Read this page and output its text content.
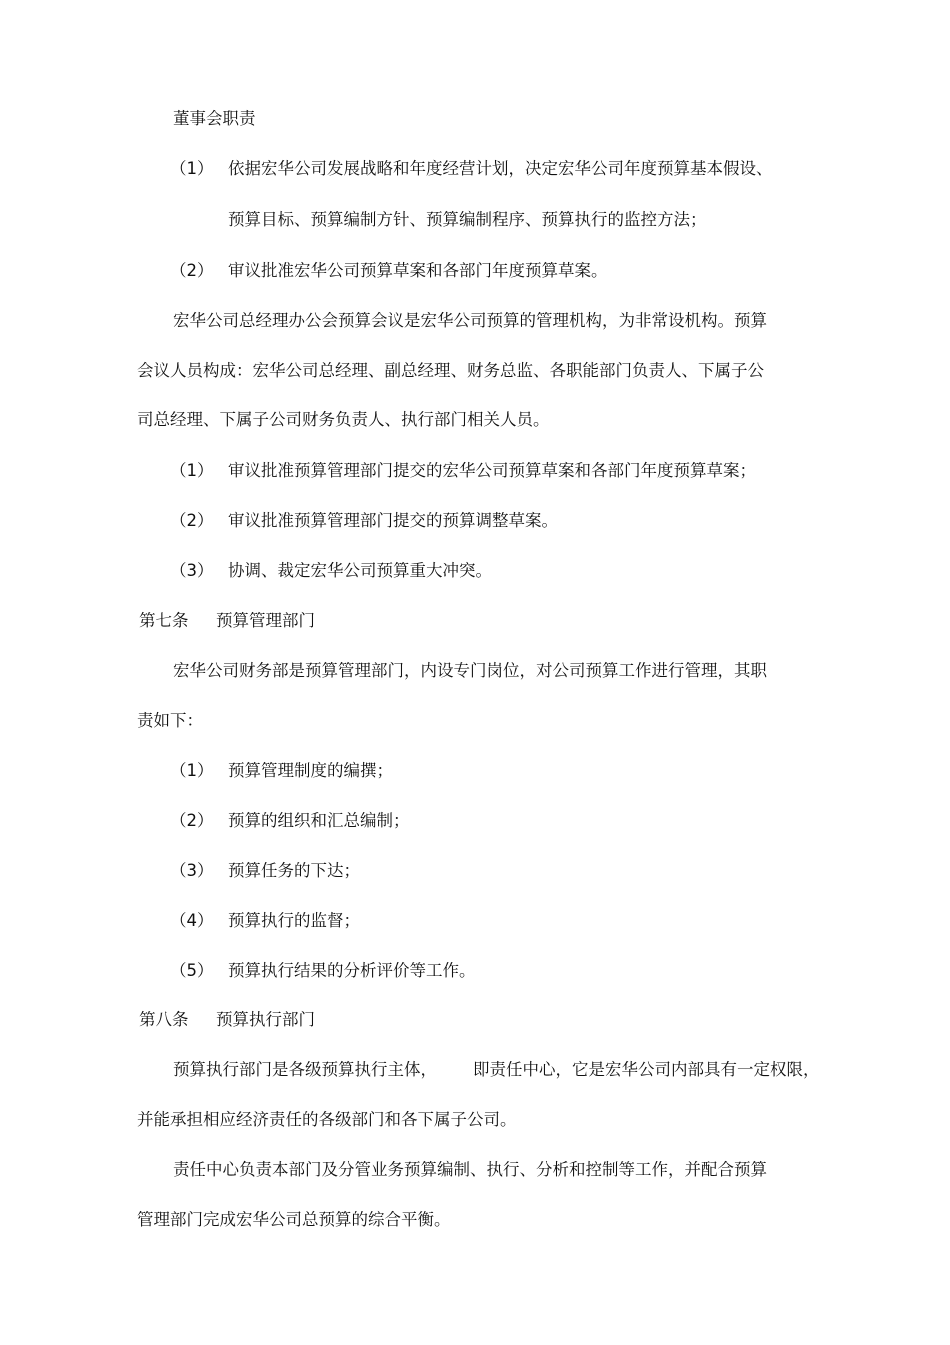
董事会职责

（1） 依据宏华公司发展战略和年度经营计划，决定宏华公司年度预算基本假设、

预算目标、预算编制方针、预算编制程序、预算执行的监控方法；

（2） 审议批准宏华公司预算草案和各部门年度预算草案。

宏华公司总经理办公会预算会议是宏华公司预算的管理机构，为非常设机构。预算

会议人员构成：宏华公司总经理、副总经理、财务总监、各职能部门负责人、下属子公

司总经理、下属子公司财务负责人、执行部门相关人员。

（1） 审议批准预算管理部门提交的宏华公司预算草案和各部门年度预算草案；

（2） 审议批准预算管理部门提交的预算调整草案。

（3） 协调、裁定宏华公司预算重大冲突。

第七条 预算管理部门

宏华公司财务部是预算管理部门，内设专门岗位，对公司预算工作进行管理，其职

责如下：

（1） 预算管理制度的编撰；

（2） 预算的组织和汇总编制；

（3） 预算任务的下达；

（4） 预算执行的监督；

（5） 预算执行结果的分析评价等工作。

第八条 预算执行部门

预算执行部门是各级预算执行主体， 即责任中心，它是宏华公司内部具有一定权限，

并能承担相应经济责任的各级部门和各下属子公司。

责任中心负责本部门及分管业务预算编制、执行、分析和控制等工作，并配合预算

管理部门完成宏华公司总预算的综合平衡。
